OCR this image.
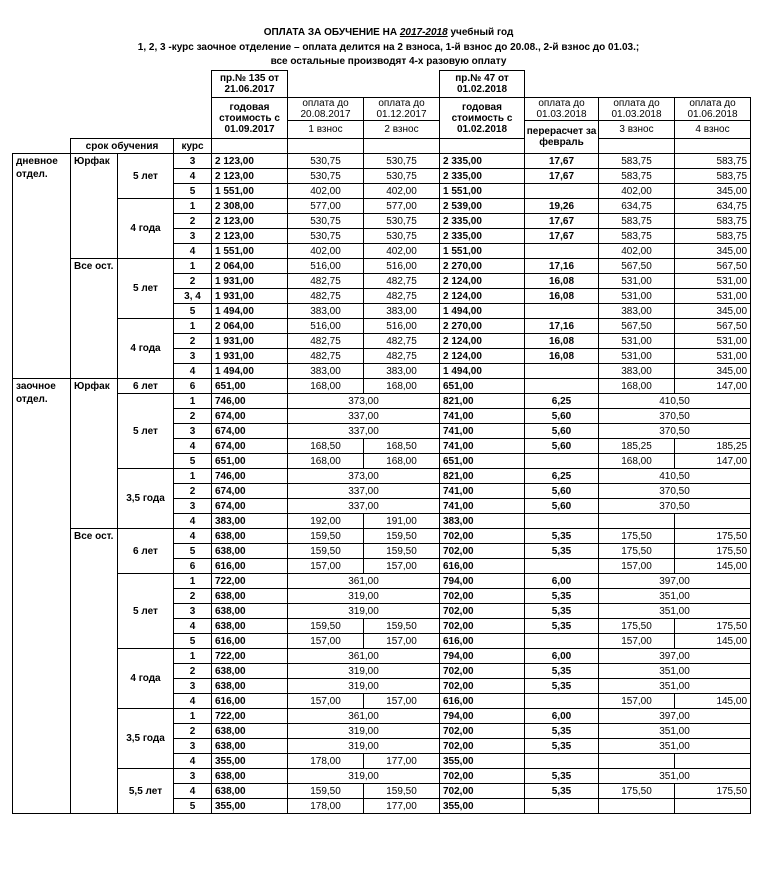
ОПЛАТА ЗА ОБУЧЕНИЕ НА 2017-2018 учебный год
1, 2, 3 -курс заочное отделение – оплата делится на 2 взноса, 1-й взнос до 20.08., 2-й взнос до 01.03.;
все остальные производят 4-х разовую оплату
				пр.№ 135 от 21.06.2017			пр.№ 47 от 01.02.2018			
				годовая стоимость с 01.09.2017	оплата до 20.08.2017	оплата до 01.12.2017	годовая стоимость с 01.02.2018	оплата до 01.03.2018	оплата до 01.03.2018	оплата до 01.06.2018
					1 взнос	2 взнос		перерасчет за февраль	3 взнос	4 взнос
	срок обучения		курс							
дневное отдел.	Юрфак	5 лет	3	2 123,00	530,75	530,75	2 335,00	17,67	583,75	583,75
			4	2 123,00	530,75	530,75	2 335,00	17,67	583,75	583,75
			5	1 551,00	402,00	402,00	1 551,00		402,00	345,00
		4 года	1	2 308,00	577,00	577,00	2 539,00	19,26	634,75	634,75
			2	2 123,00	530,75	530,75	2 335,00	17,67	583,75	583,75
			3	2 123,00	530,75	530,75	2 335,00	17,67	583,75	583,75
			4	1 551,00	402,00	402,00	1 551,00		402,00	345,00
	Все ост.	5 лет	1	2 064,00	516,00	516,00	2 270,00	17,16	567,50	567,50
			2	1 931,00	482,75	482,75	2 124,00	16,08	531,00	531,00
			3, 4	1 931,00	482,75	482,75	2 124,00	16,08	531,00	531,00
			5	1 494,00	383,00	383,00	1 494,00		383,00	345,00
		4 года	1	2 064,00	516,00	516,00	2 270,00	17,16	567,50	567,50
			2	1 931,00	482,75	482,75	2 124,00	16,08	531,00	531,00
			3	1 931,00	482,75	482,75	2 124,00	16,08	531,00	531,00
			4	1 494,00	383,00	383,00	1 494,00		383,00	345,00
заочное отдел.	Юрфак	6 лет	6	651,00	168,00	168,00	651,00		168,00	147,00
		5 лет	1	746,00	373,00		821,00	6,25	410,50	
			2	674,00	337,00		741,00	5,60	370,50	
			3	674,00	337,00		741,00	5,60	370,50	
			4	674,00	168,50	168,50	741,00	5,60	185,25	185,25
			5	651,00	168,00	168,00	651,00		168,00	147,00
		3,5 года	1	746,00	373,00		821,00	6,25	410,50	
			2	674,00	337,00		741,00	5,60	370,50	
			3	674,00	337,00		741,00	5,60	370,50	
			4	383,00	192,00	191,00	383,00			
	Все ост.	6 лет	4	638,00	159,50	159,50	702,00	5,35	175,50	175,50
			5	638,00	159,50	159,50	702,00	5,35	175,50	175,50
			6	616,00	157,00	157,00	616,00		157,00	145,00
		5 лет	1	722,00	361,00		794,00	6,00	397,00	
			2	638,00	319,00		702,00	5,35	351,00	
			3	638,00	319,00		702,00	5,35	351,00	
			4	638,00	159,50	159,50	702,00	5,35	175,50	175,50
			5	616,00	157,00	157,00	616,00		157,00	145,00
		4 года	1	722,00	361,00		794,00	6,00	397,00	
			2	638,00	319,00		702,00	5,35	351,00	
			3	638,00	319,00		702,00	5,35	351,00	
			4	616,00	157,00	157,00	616,00		157,00	145,00
		3,5 года	1	722,00	361,00		794,00	6,00	397,00	
			2	638,00	319,00		702,00	5,35	351,00	
			3	638,00	319,00		702,00	5,35	351,00	
			4	355,00	178,00	177,00	355,00			
		5,5 лет	3	638,00	319,00		702,00	5,35	351,00	
			4	638,00	159,50	159,50	702,00	5,35	175,50	175,50
			5	355,00	178,00	177,00	355,00			
